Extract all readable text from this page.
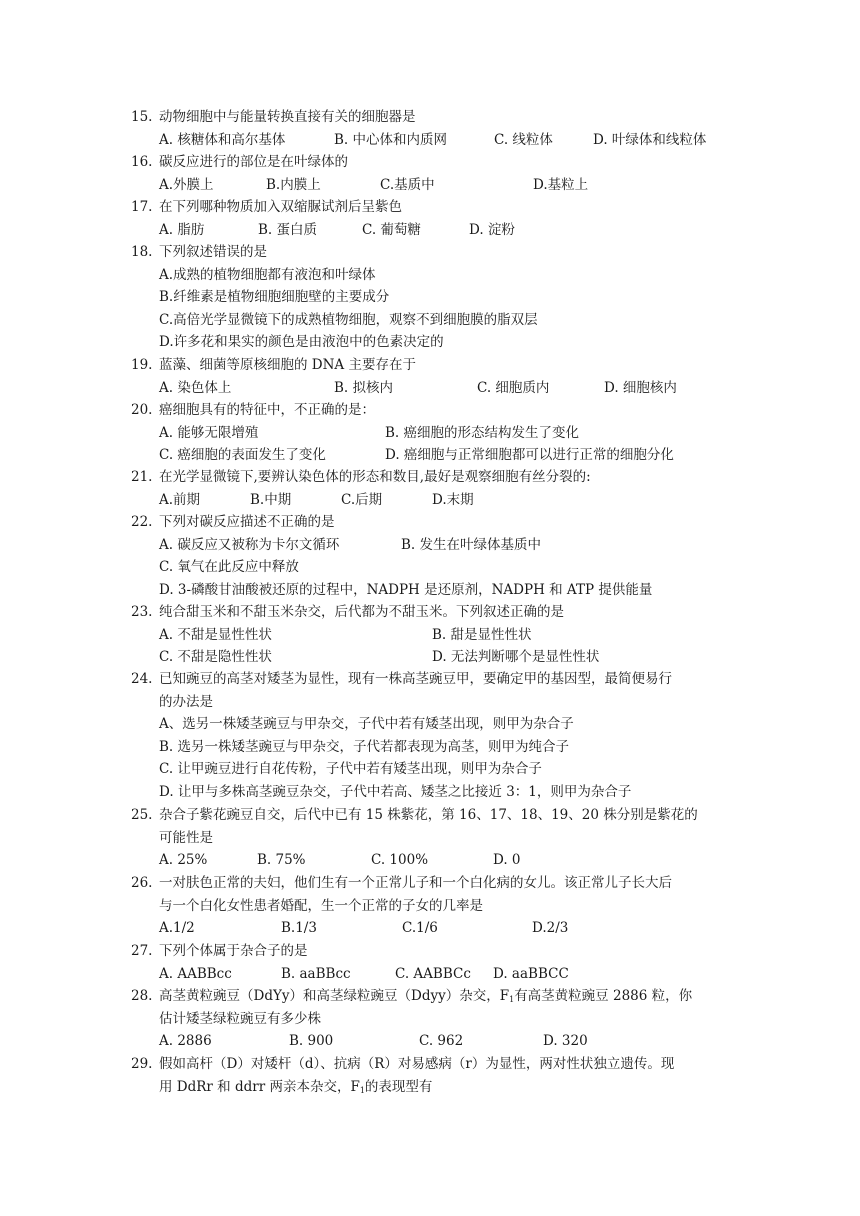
15. 动物细胞中与能量转换直接有关的细胞器是
A. 核糖体和高尔基体	B. 中心体和内质网	C. 线粒体	D. 叶绿体和线粒体
16. 碳反应进行的部位是在叶绿体的
A.外膜上	B.内膜上	C.基质中	D.基粒上
17. 在下列哪种物质加入双缩脲试剂后呈紫色
A. 脂肪	B. 蛋白质	C. 葡萄糖	D. 淀粉
18. 下列叙述错误的是
A.成熟的植物细胞都有液泡和叶绿体
B.纤维素是植物细胞细胞壁的主要成分
C.高倍光学显微镜下的成熟植物细胞，观察不到细胞膜的脂双层
D.许多花和果实的颜色是由液泡中的色素决定的
19. 蓝藻、细菌等原核细胞的 DNA 主要存在于
A. 染色体上	B. 拟核内	C. 细胞质内	D. 细胞核内
20. 癌细胞具有的特征中，不正确的是：
A. 能够无限增殖	B. 癌细胞的形态结构发生了变化
C. 癌细胞的表面发生了变化	D. 癌细胞与正常细胞都可以进行正常的细胞分化
21. 在光学显微镜下,要辨认染色体的形态和数目,最好是观察细胞有丝分裂的:
A.前期	B.中期	C.后期	D.末期
22. 下列对碳反应描述不正确的是
A. 碳反应又被称为卡尔文循环	B. 发生在叶绿体基质中
C. 氧气在此反应中释放
D. 3-磷酸甘油酸被还原的过程中，NADPH 是还原剂，NADPH 和 ATP 提供能量
23. 纯合甜玉米和不甜玉米杂交，后代都为不甜玉米。下列叙述正确的是
A. 不甜是显性性状	B. 甜是显性性状
C. 不甜是隐性性状	D. 无法判断哪个是显性性状
24. 已知豌豆的高茎对矮茎为显性，现有一株高茎豌豆甲，要确定甲的基因型，最简便易行
的办法是
A、选另一株矮茎豌豆与甲杂交，子代中若有矮茎出现，则甲为杂合子
B. 选另一株矮茎豌豆与甲杂交，子代若都表现为高茎，则甲为纯合子
C. 让甲豌豆进行自花传粉，子代中若有矮茎出现，则甲为杂合子
D. 让甲与多株高茎豌豆杂交，子代中若高、矮茎之比接近 3：1，则甲为杂合子
25. 杂合子紫花豌豆自交，后代中已有 15 株紫花，第 16、17、18、19、20 株分别是紫花的
可能性是
A. 25%	B. 75%	C. 100%	D. 0
26. 一对肤色正常的夫妇，他们生有一个正常儿子和一个白化病的女儿。该正常儿子长大后
与一个白化女性患者婚配，生一个正常的子女的几率是
A.1/2	B.1/3	C.1/6	D.2/3
27. 下列个体属于杂合子的是
A. AABBcc	B. aaBBcc	C. AABBCc	D. aaBBCC
28. 高茎黄粒豌豆（DdYy）和高茎绿粒豌豆（Ddyy）杂交，$F_1$有高茎黄粒豌豆 2886 粒，你
估计矮茎绿粒豌豆有多少株
A. 2886	B. 900	C. 962	D. 320
29. 假如高杆（D）对矮杆（d）、抗病（R）对易感病（r）为显性，两对性状独立遗传。现
用 DdRr 和 ddrr 两亲本杂交，$F_1$的表现型有
